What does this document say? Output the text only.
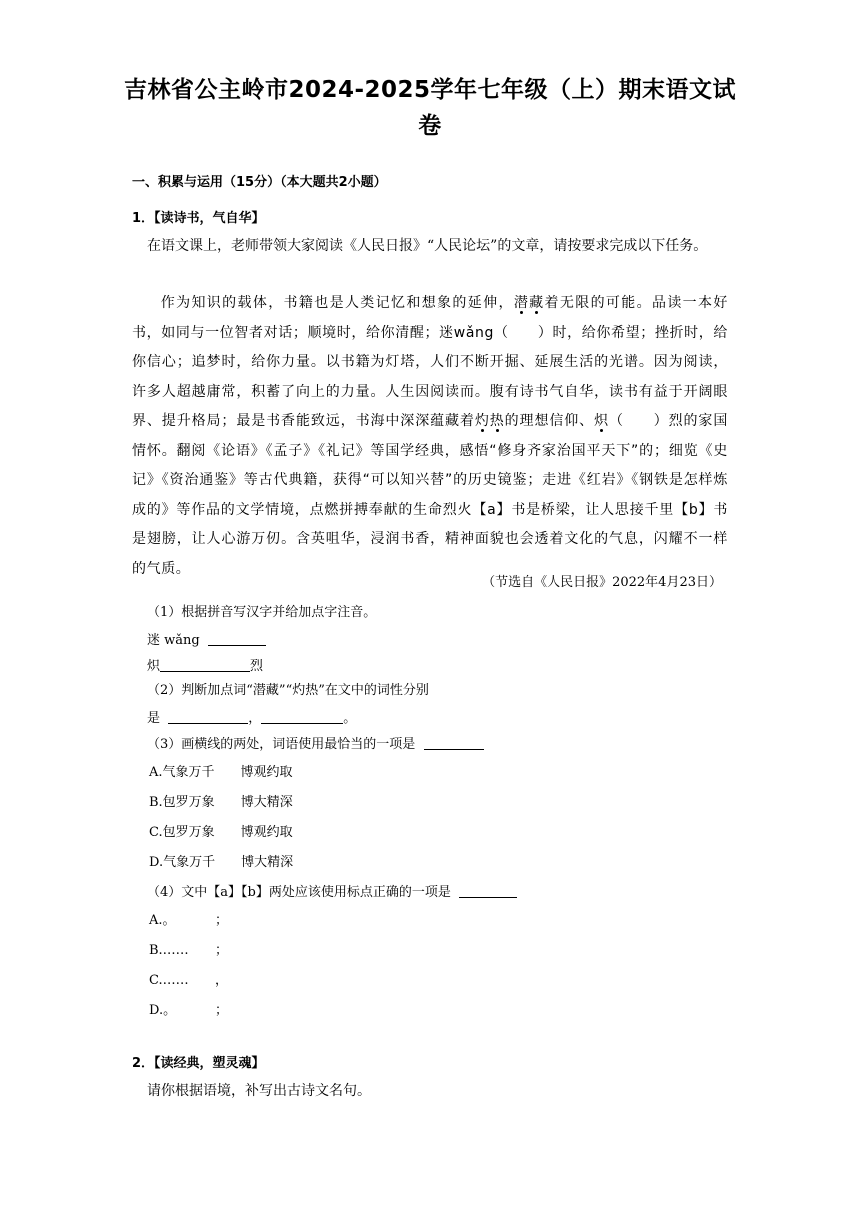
吉林省公主岭市2024-2025学年七年级（上）期末语文试
卷
一、积累与运用（15分）（本大题共2小题）
1．【读诗书，气自华】
在语文课上，老师带领大家阅读《人民日报》“人民论坛”的文章，请按要求完成以下任务。
作为知识的载体，书籍也是人类记忆和想象的延伸，潜藏着无限的可能。品读一本好书，如同与一位智者对话；顺境时，给你清醒；迷wǎng（　　）时，给你希望；挫折时，给你信心；追梦时，给你力量。以书籍为灯塔，人们不断开掘、延展生活的光谱。因为阅读，许多人超越庸常，积蓄了向上的力量。人生因阅读而。腹有诗书气自华，读书有益于开阔眼界、提升格局；最是书香能致远，书海中深深蕴藏着灼热的理想信仰、炽（　　）烈的家国情怀。翻阅《论语》《孟子》《礼记》等国学经典，感悟“修身齐家治国平天下”的；细览《史记》《资治通鉴》等古代典籍，获得“可以知兴替”的历史镜鉴；走进《红岩》《钢铁是怎样炼成的》等作品的文学情境，点燃拼搏奉献的生命烈火【a】书是桥梁，让人思接千里【b】书是翅膀，让人心游万仞。含英咀华，浸润书香，精神面貌也会透着文化的气息，闪耀不一样的气质。
（节选自《人民日报》2022年4月23日）
（1）根据拼音写汉字并给加点字注音。
迷 wǎng
炽	烈
（2）判断加点词“潜藏”“灼热”在文中的词性分别
是	，	。
（3）画横线的两处，词语使用最恰当的一项是
A.气象万千 博观约取
B.包罗万象 博大精深
C.包罗万象 博观约取
D.气象万千 博大精深
（4）文中【a】【b】两处应该使用标点正确的一项是
A.。	；
B.…… ；
C.…… ，
D.。	；
2．【读经典，塑灵魂】
请你根据语境，补写出古诗文名句。
